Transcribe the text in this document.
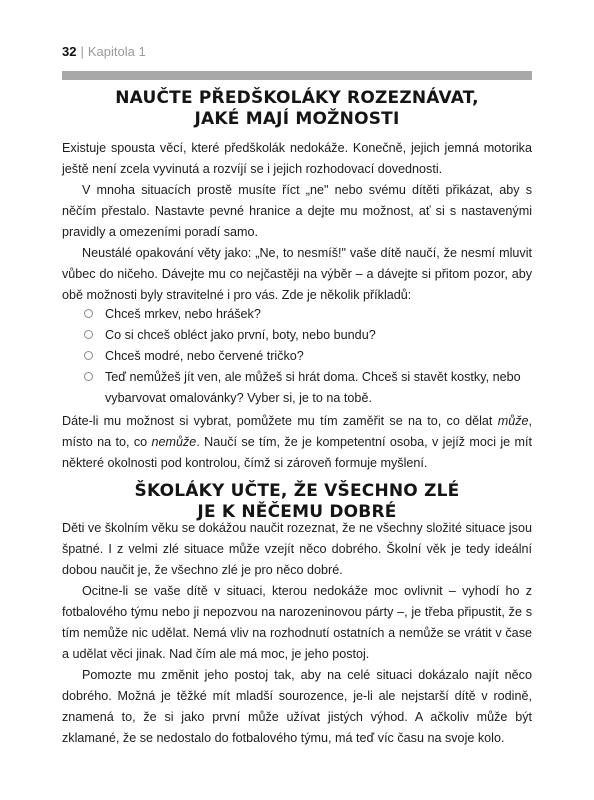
32 | Kapitola 1
NAUČTE PŘEDŠKOLÁKY ROZEZNÁVAT,
JAKÉ MAJÍ MOŽNOSTI

Existuje spousta věcí, které předškolák nedokáže. Konečně, jejich jemná motorika ještě není zcela vyvinutá a rozvíjí se i jejich rozhodovací dovednosti.

V mnoha situacích prostě musíte říct „ne" nebo svému dítěti přikázat, aby s něčím přestalo. Nastavte pevné hranice a dejte mu možnost, ať si s nastavenými pravidly a omezeními poradí samo.

Neustálé opakování věty jako: „Ne, to nesmíš!" vaše dítě naučí, že nesmí mluvit vůbec do ničeho. Dávejte mu co nejčastěji na výběr – a dávejte si přitom pozor, aby obě možnosti byly stravitelné i pro vás. Zde je několik příkladů:

Chceš mrkev, nebo hrášek?
Co si chceš obléct jako první, boty, nebo bundu?
Chceš modré, nebo červené tričko?
Teď nemůžeš jít ven, ale můžeš si hrát doma. Chceš si stavět kostky, nebo vybarvovat omalovánky? Vyber si, je to na tobě.

Dáte-li mu možnost si vybrat, pomůžete mu tím zaměřit se na to, co dělat může, místo na to, co nemůže. Naučí se tím, že je kompetentní osoba, v jejíž moci je mít některé okolnosti pod kontrolou, čímž si zároveň formuje myšlení.

ŠKOLÁKY UČTE, ŽE VŠECHNO ZLÉ
JE K NĚČEMU DOBRÉ

Děti ve školním věku se dokážou naučit rozeznat, že ne všechny složité situace jsou špatné. I z velmi zlé situace může vzejít něco dobrého. Školní věk je tedy ideální dobou naučit je, že všechno zlé je pro něco dobré.

Ocitne-li se vaše dítě v situaci, kterou nedokáže moc ovlivnit – vyhodí ho z fotbalového týmu nebo ji nepozvou na narozeninovou párty –, je třeba připustit, že s tím nemůže nic udělat. Nemá vliv na rozhodnutí ostatních a nemůže se vrátit v čase a udělat věci jinak. Nad čím ale má moc, je jeho postoj.

Pomozte mu změnit jeho postoj tak, aby na celé situaci dokázalo najít něco dobrého. Možná je těžké mít mladší sourozence, je-li ale nejstarší dítě v rodině, znamená to, že si jako první může užívat jistých výhod. A ačkoliv může být zklamané, že se nedostalo do fotbalového týmu, má teď víc času na svoje kolo.
